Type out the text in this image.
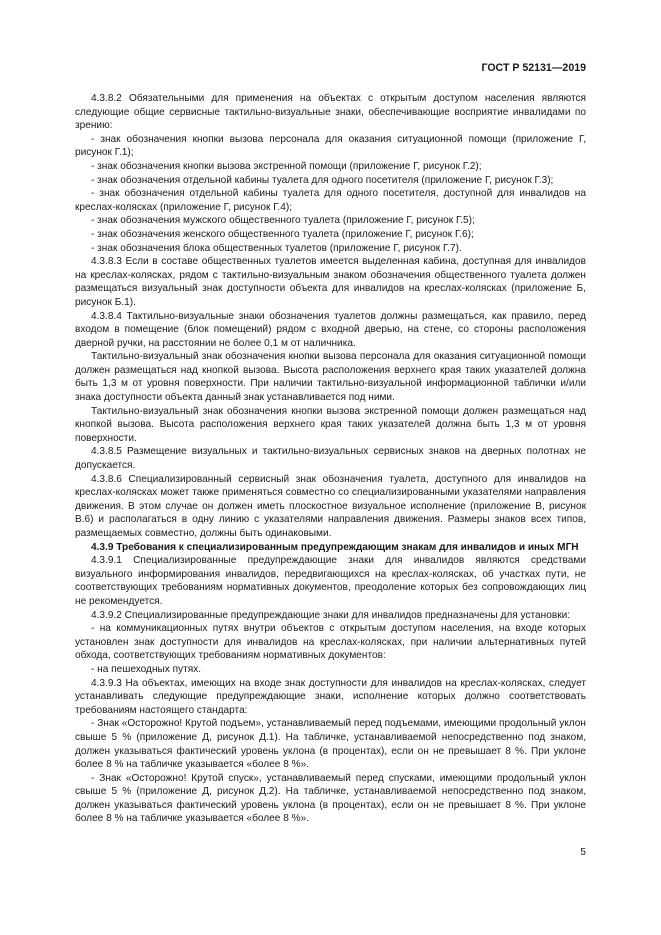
ГОСТ Р 52131—2019

4.3.8.2 Обязательными для применения на объектах с открытым доступом населения являются следующие общие сервисные тактильно-визуальные знаки, обеспечивающие восприятие инвалидами по зрению:

- знак обозначения кнопки вызова персонала для оказания ситуационной помощи (приложение Г, рисунок Г.1);

- знак обозначения кнопки вызова экстренной помощи (приложение Г, рисунок Г.2);

- знак обозначения отдельной кабины туалета для одного посетителя (приложение Г, рисунок Г.3);

- знак обозначения отдельной кабины туалета для одного посетителя, доступной для инвалидов на креслах-колясках (приложение Г, рисунок Г.4);

- знак обозначения мужского общественного туалета (приложение Г, рисунок Г.5);

- знак обозначения женского общественного туалета (приложение Г, рисунок Г.6);

- знак обозначения блока общественных туалетов (приложение Г, рисунок Г.7).

4.3.8.3 Если в составе общественных туалетов имеется выделенная кабина, доступная для инвалидов на креслах-колясках, рядом с тактильно-визуальным знаком обозначения общественного туалета должен размещаться визуальный знак доступности объекта для инвалидов на креслах-колясках (приложение Б, рисунок Б.1).

4.3.8.4 Тактильно-визуальные знаки обозначения туалетов должны размещаться, как правило, перед входом в помещение (блок помещений) рядом с входной дверью, на стене, со стороны расположения дверной ручки, на расстоянии не более 0,1 м от наличника.

Тактильно-визуальный знак обозначения кнопки вызова персонала для оказания ситуационной помощи должен размещаться над кнопкой вызова. Высота расположения верхнего края таких указателей должна быть 1,3 м от уровня поверхности. При наличии тактильно-визуальной информационной таблички и/или знака доступности объекта данный знак устанавливается под ними.

Тактильно-визуальный знак обозначения кнопки вызова экстренной помощи должен размещаться над кнопкой вызова. Высота расположения верхнего края таких указателей должна быть 1,3 м от уровня поверхности.

4.3.8.5 Размещение визуальных и тактильно-визуальных сервисных знаков на дверных полотнах не допускается.

4.3.8.6 Специализированный сервисный знак обозначения туалета, доступного для инвалидов на креслах-колясках может также применяться совместно со специализированными указателями направления движения. В этом случае он должен иметь плоскостное визуальное исполнение (приложение В, рисунок В.6) и располагаться в одну линию с указателями направления движения. Размеры знаков всех типов, размещаемых совместно, должны быть одинаковыми.

4.3.9 Требования к специализированным предупреждающим знакам для инвалидов и иных МГН

4.3.9.1 Специализированные предупреждающие знаки для инвалидов являются средствами визуального информирования инвалидов, передвигающихся на креслах-колясках, об участках пути, не соответствующих требованиям нормативных документов, преодоление которых без сопровождающих лиц не рекомендуется.

4.3.9.2 Специализированные предупреждающие знаки для инвалидов предназначены для установки:

- на коммуникационных путях внутри объектов с открытым доступом населения, на входе которых установлен знак доступности для инвалидов на креслах-колясках, при наличии альтернативных путей обхода, соответствующих требованиям нормативных документов:

- на пешеходных путях.

4.3.9.3 На объектах, имеющих на входе знак доступности для инвалидов на креслах-колясках, следует устанавливать следующие предупреждающие знаки, исполнение которых должно соответствовать требованиям настоящего стандарта:

- Знак «Осторожно! Крутой подъем», устанавливаемый перед подъемами, имеющими продольный уклон свыше 5 % (приложение Д, рисунок Д.1). На табличке, устанавливаемой непосредственно под знаком, должен указываться фактический уровень уклона (в процентах), если он не превышает 8 %. При уклоне более 8 % на табличке указывается «более 8 %».

- Знак «Осторожно! Крутой спуск», устанавливаемый перед спусками, имеющими продольный уклон свыше 5 % (приложение Д, рисунок Д.2). На табличке, устанавливаемой непосредственно под знаком, должен указываться фактический уровень уклона (в процентах), если он не превышает 8 %. При уклоне более 8 % на табличке указывается «более 8 %».

5
